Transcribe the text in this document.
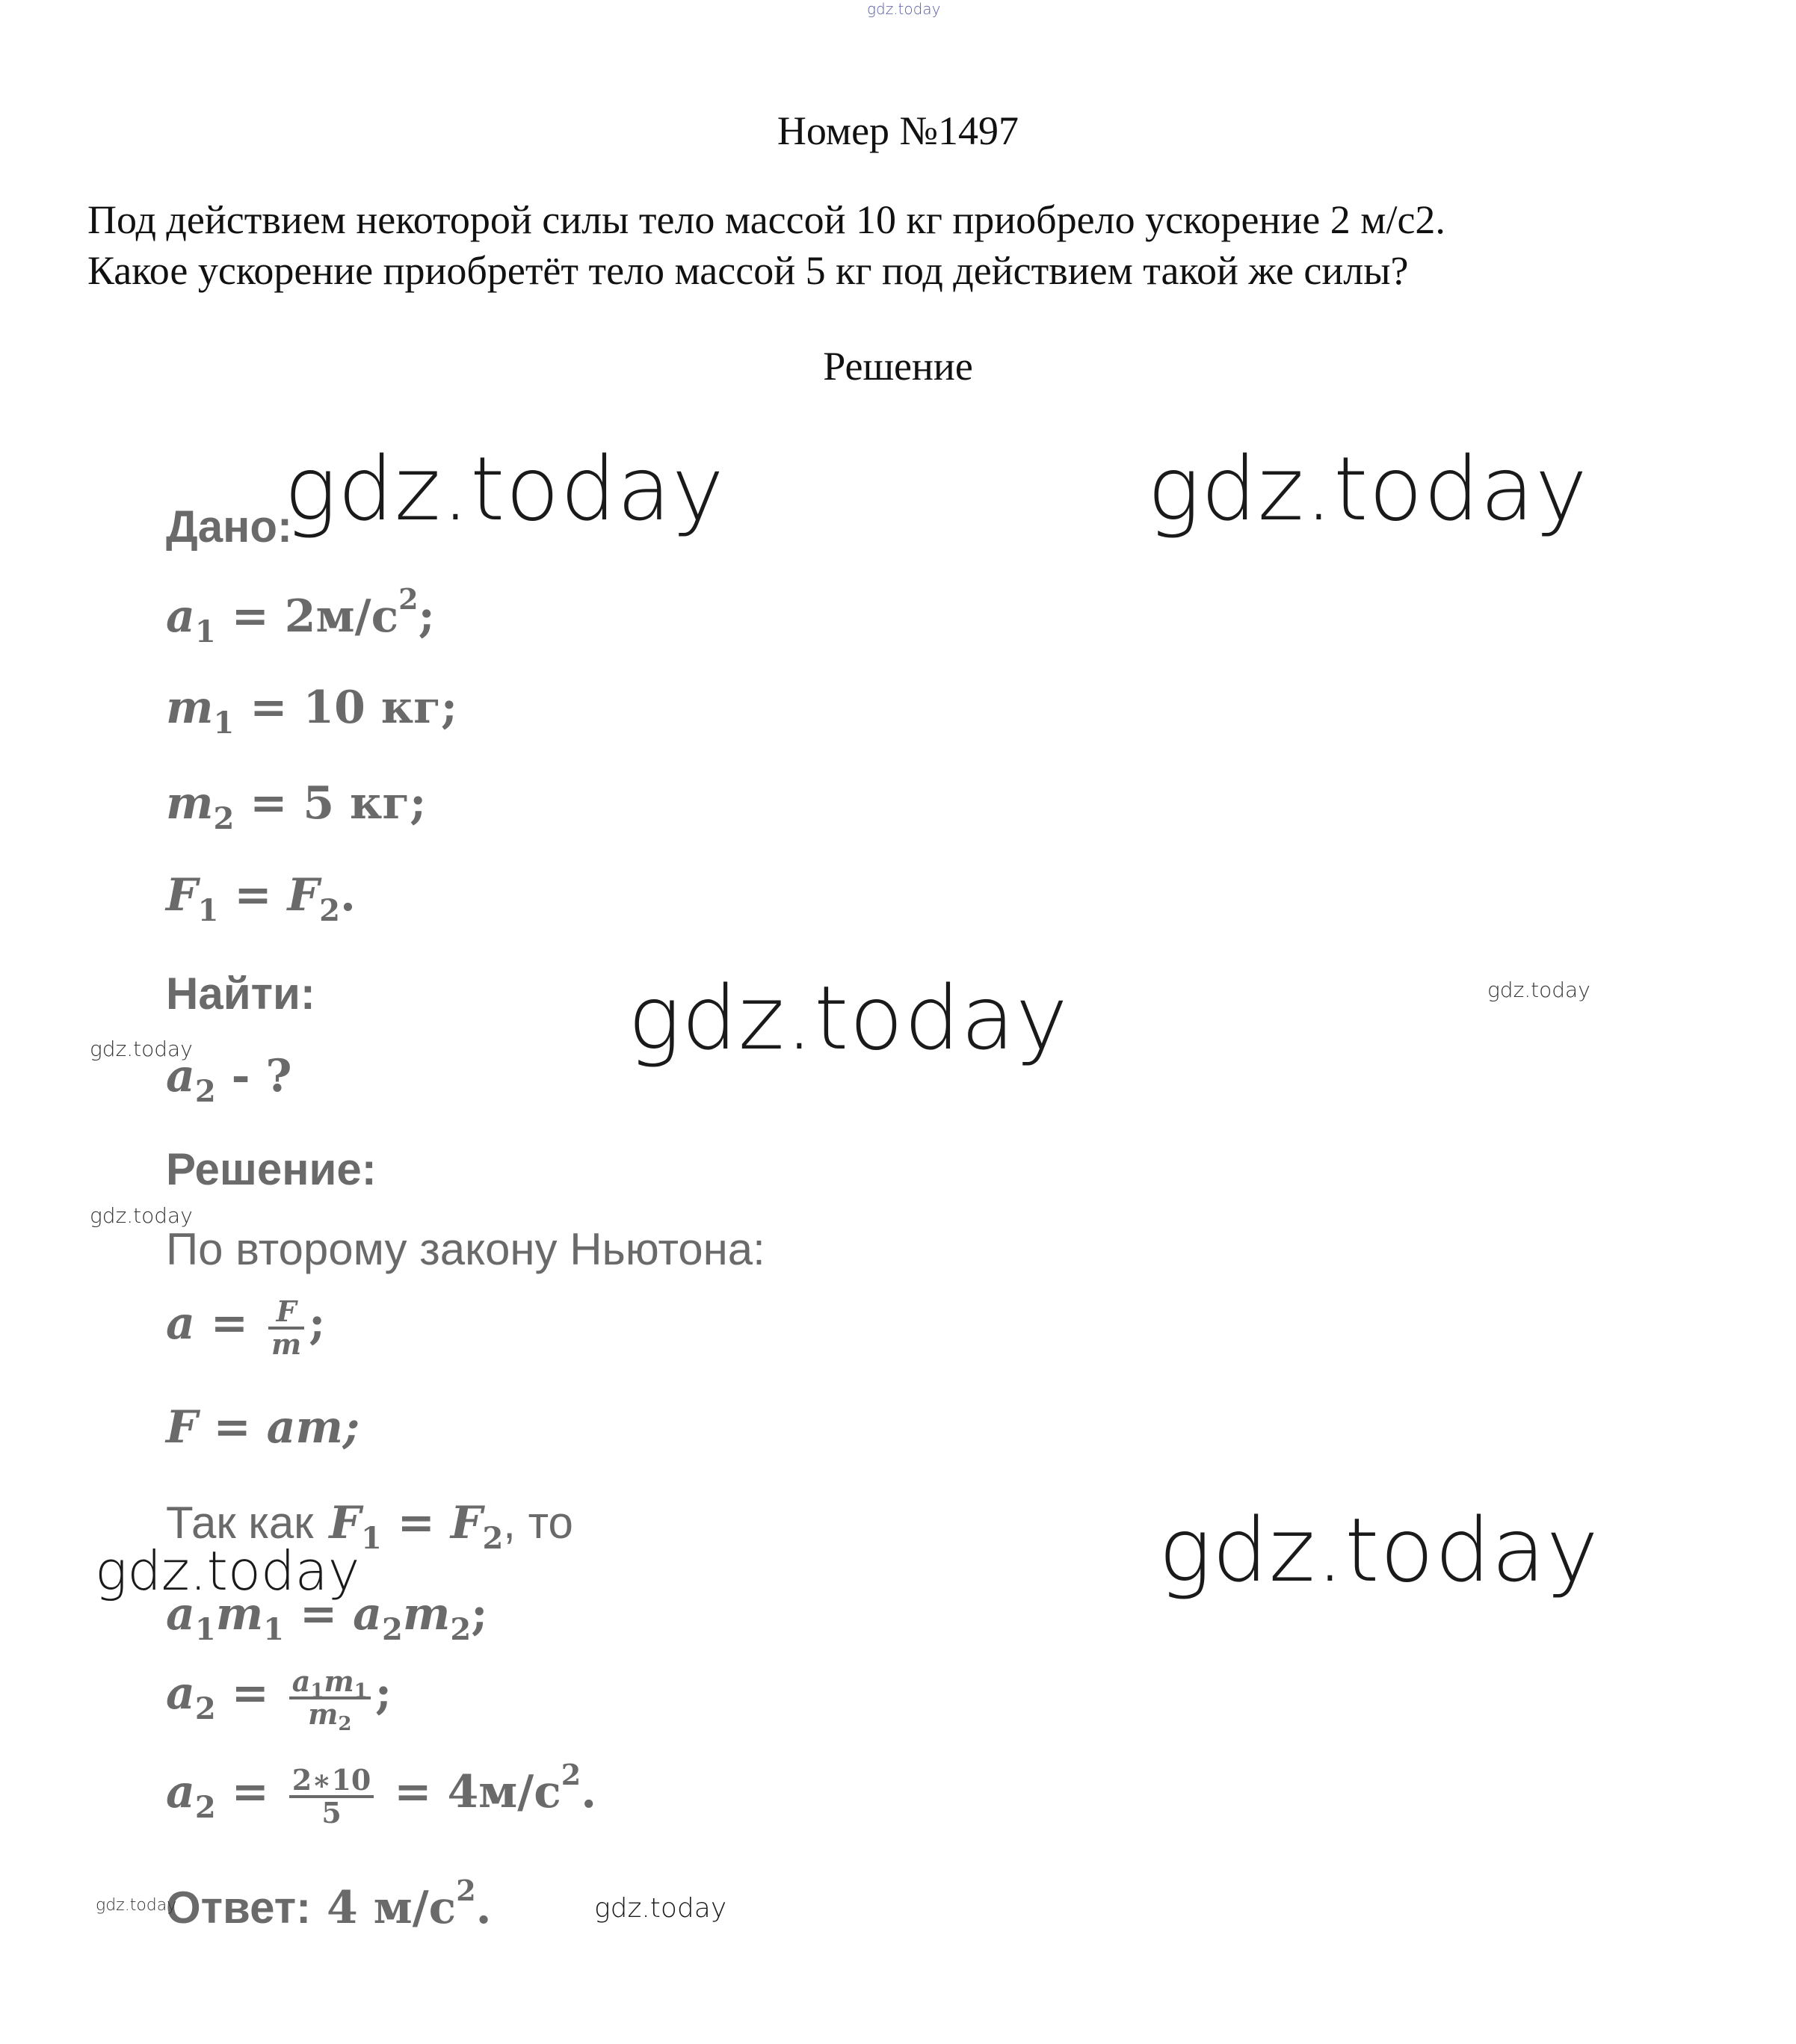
gdz.today
Номер №1497
Под действием некоторой силы тело массой 10 кг приобрело ускорение 2 м/с2.
Какое ускорение приобретёт тело массой 5 кг под действием такой же силы?
Решение
Дано:
$a_1 = 2м/с^2$;
$m_1 = 10$ кг;
$m_2 = 5$ кг;
$F_1 = F_2$.
Найти:
$a_2$ - ?
Решение:
По второму закону Ньютона:
$a = \frac{F}{m}$ ;
F = am;
Так как $F_1 = F_2$, то
$a_1m_1 = a_2m_2$;
$a_2 = \frac{a_1m_1}{m_2}$ ;
$a_2 = \frac{2∗10}{5} = 4м/с^2$.
Ответ: 4 $м/с^2$.
gdz.today	gdz.today
gdz.today
gdz.today
gdz.today
gdz.today
gdz.today
gdz.today
gdz.today	gdz.today
